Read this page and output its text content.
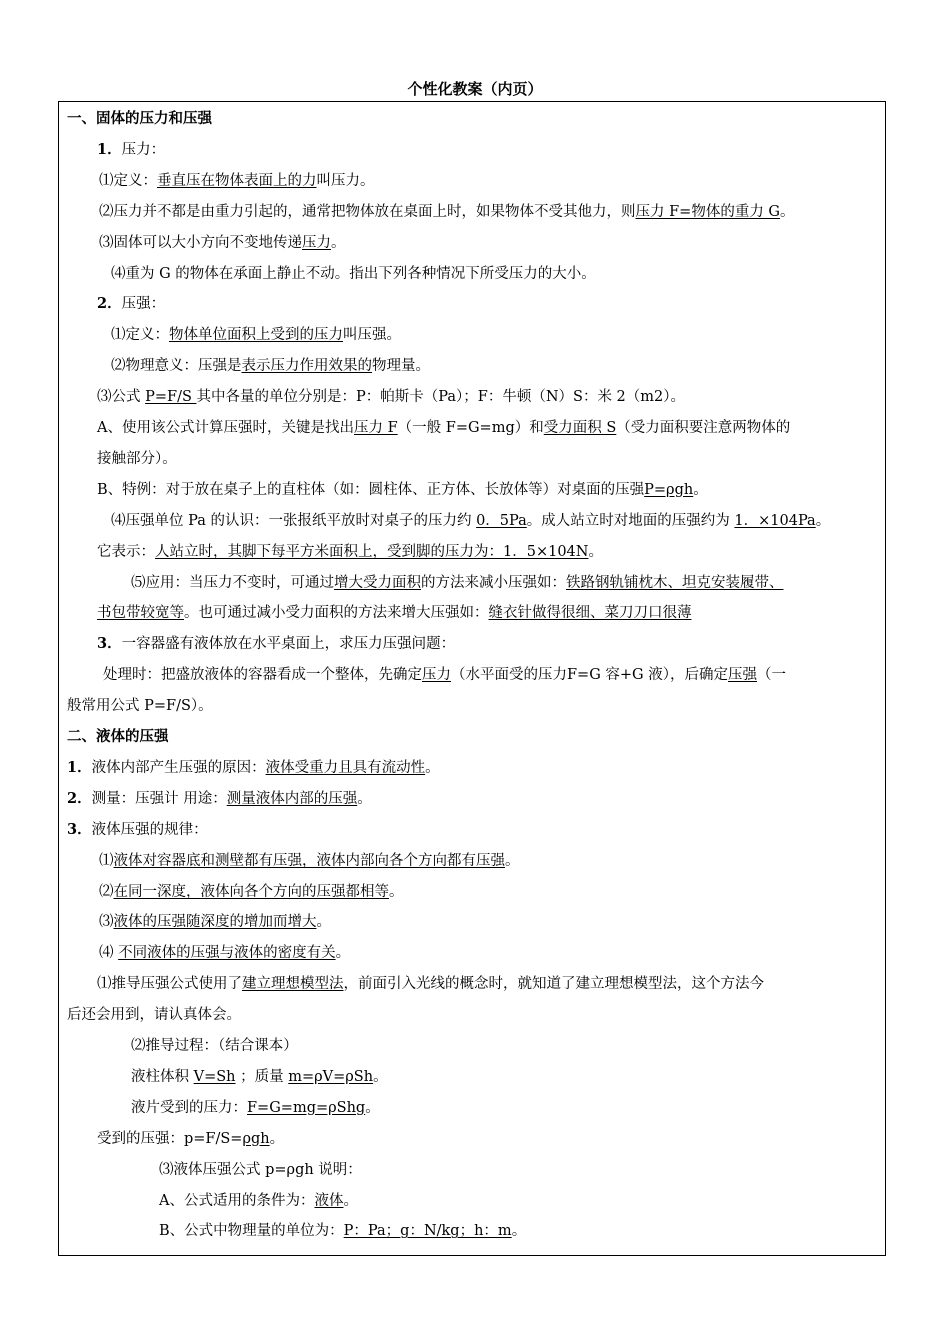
个性化教案（内页）
一、固体的压力和压强
1．压力：
⑴定义：垂直压在物体表面上的力叫压力。
⑵压力并不都是由重力引起的，通常把物体放在桌面上时，如果物体不受其他力，则压力 F=物体的重力 G。
⑶固体可以大小方向不变地传递压力。
⑷重为 G 的物体在承面上静止不动。指出下列各种情况下所受压力的大小。
2．压强：
⑴定义：物体单位面积上受到的压力叫压强。
⑵物理意义：压强是表示压力作用效果的物理量。
⑶公式 P=F/S 其中各量的单位分别是：P：帕斯卡（Pa）；F：牛顿（N）S：米 2（m2）。
A、使用该公式计算压强时，关键是找出压力 F（一般 F=G=mg）和受力面积 S（受力面积要注意两物体的
接触部分）。
B、特例：对于放在桌子上的直柱体（如：圆柱体、正方体、长放体等）对桌面的压强P=ρgh。
⑷压强单位 Pa 的认识：一张报纸平放时对桌子的压力约 0．5Pa。成人站立时对地面的压强约为 1．×104Pa。
它表示：人站立时，其脚下每平方米面积上，受到脚的压力为：1．5×104N。
⑸应用：当压力不变时，可通过增大受力面积的方法来减小压强如：铁路钢轨铺枕木、坦克安装履带、
书包带较宽等。也可通过减小受力面积的方法来增大压强如：缝衣针做得很细、菜刀刀口很薄
3．一容器盛有液体放在水平桌面上，求压力压强问题：
处理时：把盛放液体的容器看成一个整体，先确定压力（水平面受的压力F=G 容+G 液），后确定压强（一
般常用公式 P=F/S）。
二、液体的压强
1．液体内部产生压强的原因：液体受重力且具有流动性。
2．测量：压强计 用途：测量液体内部的压强。
3．液体压强的规律：
⑴液体对容器底和测壁都有压强，液体内部向各个方向都有压强。
⑵在同一深度，液体向各个方向的压强都相等。
⑶液体的压强随深度的增加而增大。
⑷ 不同液体的压强与液体的密度有关。
⑴推导压强公式使用了建立理想模型法，前面引入光线的概念时，就知道了建立理想模型法，这个方法今
后还会用到，请认真体会。
⑵推导过程：（结合课本）
液柱体积 V=Sh ；质量 m=ρV=ρSh。
液片受到的压力：F=G=mg=ρShg。
受到的压强：p=F/S=ρgh。
⑶液体压强公式 p=ρgh 说明：
A、公式适用的条件为：液体。
B、公式中物理量的单位为：P：Pa；g：N/kg；h：m。
